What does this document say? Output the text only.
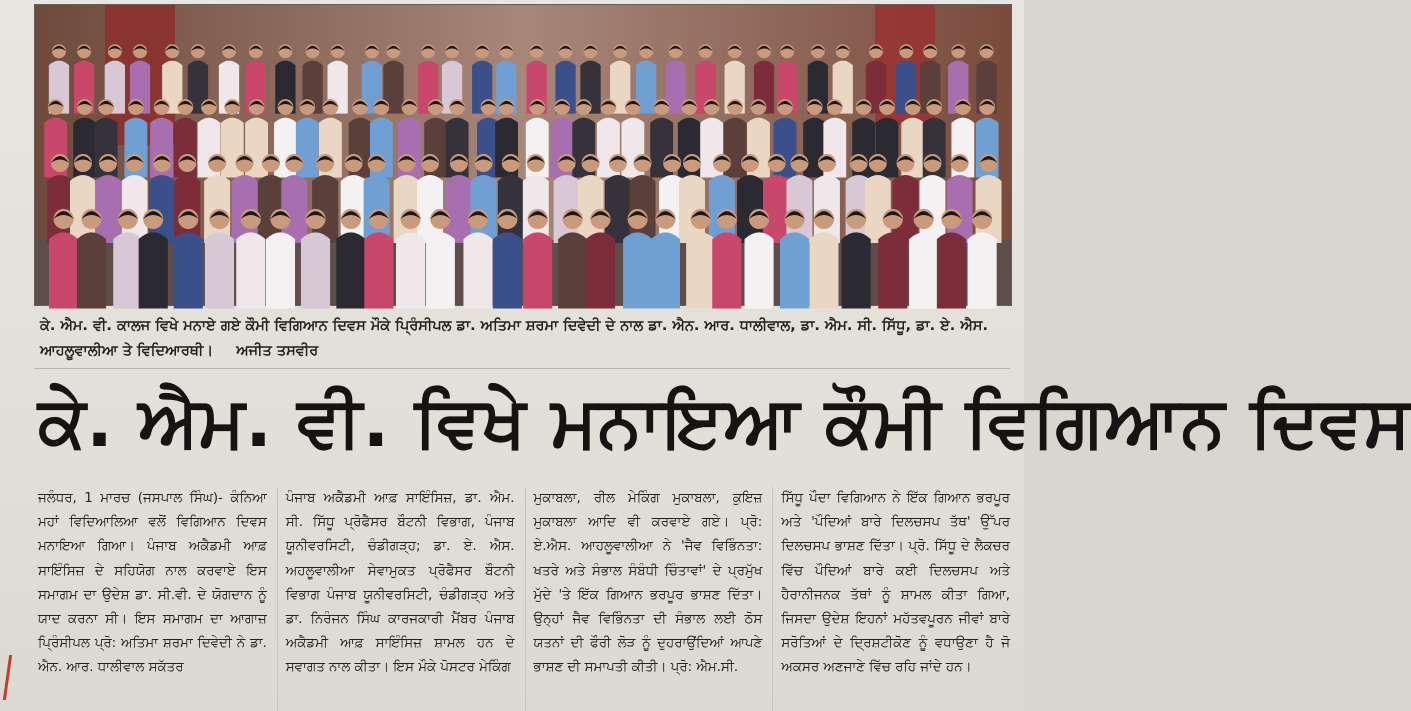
ਕੇ. ਐਮ. ਵੀ. ਕਾਲਜ ਵਿਖੇ ਮਨਾਏ ਗਏ ਕੌਮੀ ਵਿਗਿਆਨ ਦਿਵਸ ਮੌਕੇ ਪ੍ਰਿੰਸੀਪਲ ਡਾ. ਅਤਿਮਾ ਸ਼ਰਮਾ ਦਿਵੇਦੀ ਦੇ ਨਾਲ ਡਾ. ਐਨ. ਆਰ. ਧਾਲੀਵਾਲ, ਡਾ. ਐਮ. ਸੀ. ਸਿੱਧੂ, ਡਾ. ਏ. ਐਸ. ਆਹਲੂਵਾਲੀਆ ਤੇ ਵਿਦਿਆਰਥੀ। ਅਜੀਤ ਤਸਵੀਰ
ਕੇ. ਐਮ. ਵੀ. ਵਿਖੇ ਮਨਾਇਆ ਕੌਮੀ ਵਿਗਿਆਨ ਦਿਵਸ

ਜਲੰਧਰ, 1 ਮਾਰਚ (ਜਸਪਾਲ ਸਿੰਘ)- ਕੰਨਿਆ ਮਹਾਂ ਵਿਦਿਆਲਿਆ ਵਲੋਂ ਵਿਗਿਆਨ ਦਿਵਸ ਮਨਾਇਆ ਗਿਆ। ਪੰਜਾਬ ਅਕੈਡਮੀ ਆਫ਼ ਸਾਇੰਸਿਜ਼ ਦੇ ਸਹਿਯੋਗ ਨਾਲ ਕਰਵਾਏ ਇਸ ਸਮਾਗਮ ਦਾ ਉਦੇਸ਼ ਡਾ. ਸੀ.ਵੀ. ਦੇ ਯੋਗਦਾਨ ਨੂੰ ਯਾਦ ਕਰਨਾ ਸੀ। ਇਸ ਸਮਾਗਮ ਦਾ ਆਗਾਜ਼ ਪ੍ਰਿੰਸੀਪਲ ਪ੍ਰੋ: ਅਤਿਮਾ ਸ਼ਰਮਾ ਦਿਵੇਦੀ ਨੇ ਡਾ. ਐਨ. ਆਰ. ਧਾਲੀਵਾਲ ਸਕੱਤਰ

ਪੰਜਾਬ ਅਕੈਡਮੀ ਆਫ਼ ਸਾਇੰਸਿਜ਼, ਡਾ. ਐਮ. ਸੀ. ਸਿੱਧੂ ਪ੍ਰੋਫੈਸਰ ਬੌਟਨੀ ਵਿਭਾਗ, ਪੰਜਾਬ ਯੂਨੀਵਰਸਿਟੀ, ਚੰਡੀਗੜ੍ਹ; ਡਾ. ਏ. ਐਸ. ਅਹਲੂਵਾਲੀਆ ਸੇਵਾਮੁਕਤ ਪ੍ਰੋਫੈਸਰ ਬੌਟਨੀ ਵਿਭਾਗ ਪੰਜਾਬ ਯੂਨੀਵਰਸਿਟੀ, ਚੰਡੀਗੜ੍ਹ ਅਤੇ ਡਾ. ਨਿਰੰਜਨ ਸਿੰਘ ਕਾਰਜਕਾਰੀ ਮੈਂਬਰ ਪੰਜਾਬ ਅਕੈਡਮੀ ਆਫ਼ ਸਾਇੰਸਿਜ਼ ਸ਼ਾਮਲ ਹਨ ਦੇ ਸਵਾਗਤ ਨਾਲ ਕੀਤਾ। ਇਸ ਮੌਕੇ ਪੋਸਟਰ ਮੇਕਿੰਗ

ਮੁਕਾਬਲਾ, ਰੀਲ ਮੇਕਿੰਗ ਮੁਕਾਬਲਾ, ਕੁਇਜ਼ ਮੁਕਾਬਲਾ ਆਦਿ ਵੀ ਕਰਵਾਏ ਗਏ। ਪ੍ਰੋ: ਏ.ਐਸ. ਆਹਲੂਵਾਲੀਆ ਨੇ 'ਜੈਵ ਵਿਭਿੰਨਤਾ: ਖਤਰੇ ਅਤੇ ਸੰਭਾਲ ਸੰਬੰਧੀ ਚਿੰਤਾਵਾਂ' ਦੇ ਪ੍ਰਮੁੱਖ ਮੁੱਦੇ 'ਤੇ ਇੱਕ ਗਿਆਨ ਭਰਪੂਰ ਭਾਸ਼ਣ ਦਿੱਤਾ। ਉਨ੍ਹਾਂ ਜੈਵ ਵਿਭਿੰਨਤਾ ਦੀ ਸੰਭਾਲ ਲਈ ਠੋਸ ਯਤਨਾਂ ਦੀ ਫੌਰੀ ਲੋੜ ਨੂੰ ਦੁਹਰਾਉਂਦਿਆਂ ਆਪਣੇ ਭਾਸ਼ਣ ਦੀ ਸਮਾਪਤੀ ਕੀਤੀ। ਪ੍ਰੋ: ਐਮ.ਸੀ.

ਸਿੱਧੂ ਪੌਦਾ ਵਿਗਿਆਨ ਨੇ ਇੱਕ ਗਿਆਨ ਭਰਪੂਰ ਅਤੇ 'ਪੌਦਿਆਂ ਬਾਰੇ ਦਿਲਚਸਪ ਤੱਥ' ਉੱਪਰ ਦਿਲਚਸਪ ਭਾਸ਼ਣ ਦਿੱਤਾ। ਪ੍ਰੋ. ਸਿੱਧੂ ਦੇ ਲੈਕਚਰ ਵਿੱਚ ਪੌਦਿਆਂ ਬਾਰੇ ਕਈ ਦਿਲਚਸਪ ਅਤੇ ਹੈਰਾਨੀਜਨਕ ਤੱਥਾਂ ਨੂੰ ਸ਼ਾਮਲ ਕੀਤਾ ਗਿਆ, ਜਿਸਦਾ ਉਦੇਸ਼ ਇਹਨਾਂ ਮਹੱਤਵਪੂਰਨ ਜੀਵਾਂ ਬਾਰੇ ਸਰੋਤਿਆਂ ਦੇ ਦ੍ਰਿਸ਼ਟੀਕੋਣ ਨੂੰ ਵਧਾਉਣਾ ਹੈ ਜੋ ਅਕਸਰ ਅਣਜਾਣੇ ਵਿੱਚ ਰਹਿ ਜਾਂਦੇ ਹਨ।
